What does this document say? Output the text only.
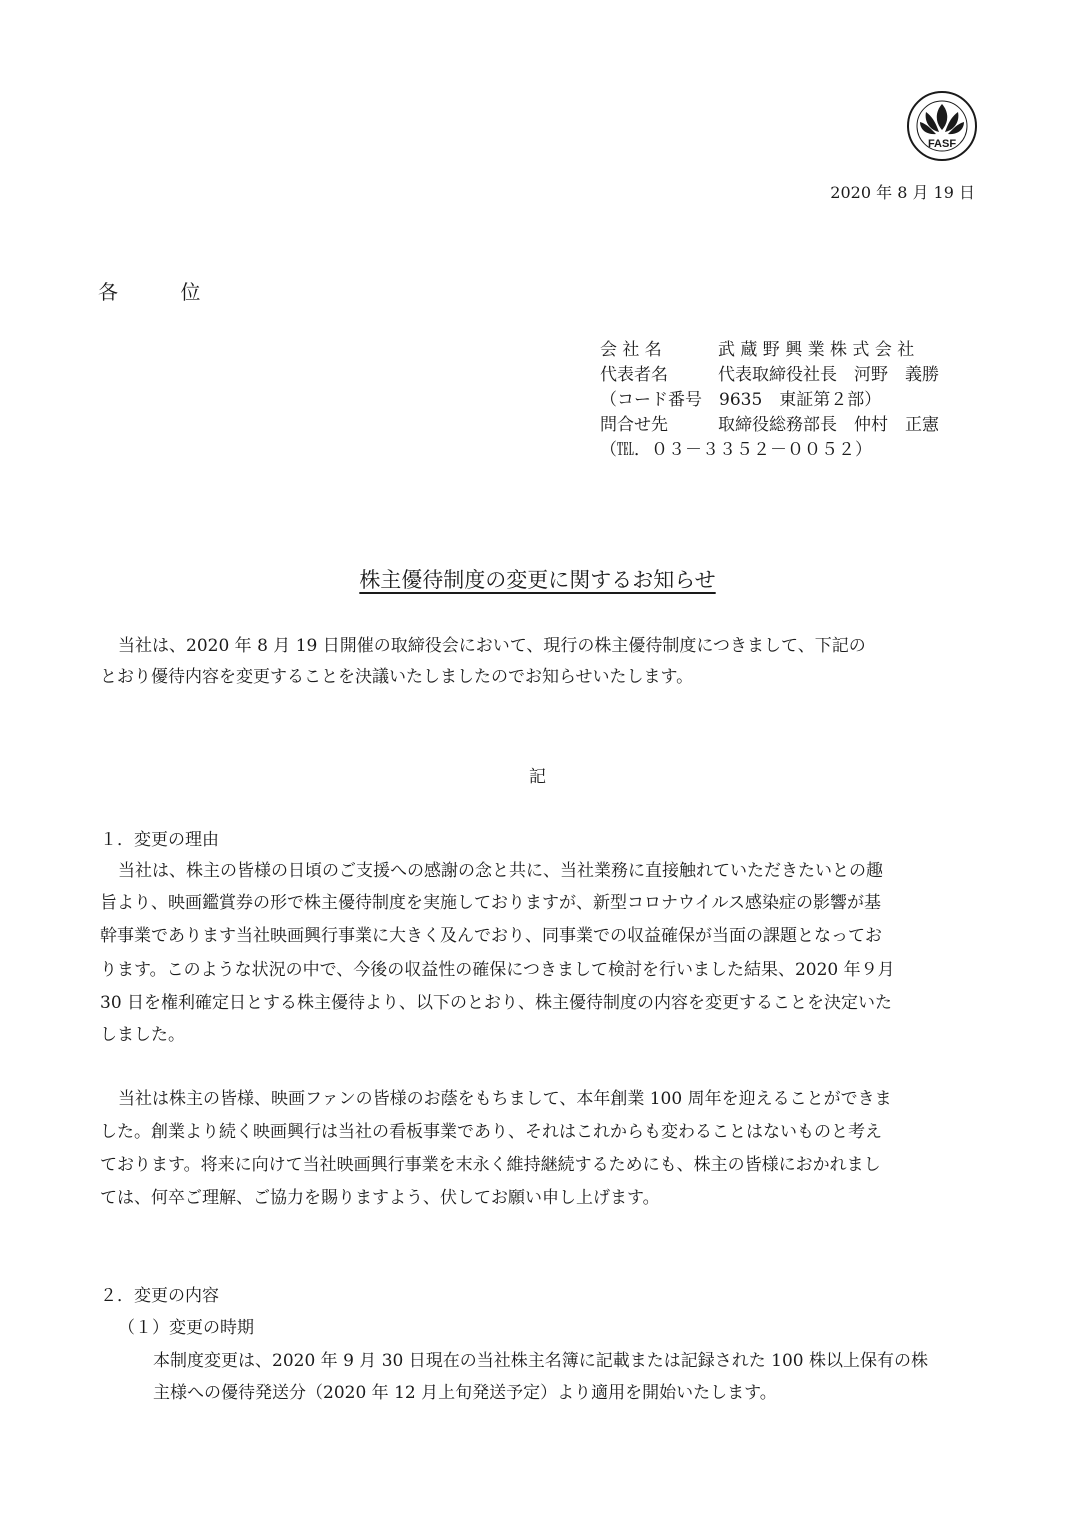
FASF
2020 年 8 月 19 日
各 位
会 社 名	武 蔵 野 興 業 株 式 会 社
代表者名	代表取締役社長　河野　義勝
（コード番号　9635　東証第２部）
問合せ先	取締役総務部長　仲村　正憲
（℡．０３－３３５２－００５２）
株主優待制度の変更に関するお知らせ
当社は、2020 年 8 月 19 日開催の取締役会において、現行の株主優待制度につきまして、下記の
とおり優待内容を変更することを決議いたしましたのでお知らせいたします。
記
１．変更の理由
当社は、株主の皆様の日頃のご支援への感謝の念と共に、当社業務に直接触れていただきたいとの趣
旨より、映画鑑賞券の形で株主優待制度を実施しておりますが、新型コロナウイルス感染症の影響が基
幹事業であります当社映画興行事業に大きく及んでおり、同事業での収益確保が当面の課題となってお
ります。このような状況の中で、今後の収益性の確保につきまして検討を行いました結果、2020 年９月
30 日を権利確定日とする株主優待より、以下のとおり、株主優待制度の内容を変更することを決定いた
しました。
当社は株主の皆様、映画ファンの皆様のお蔭をもちまして、本年創業 100 周年を迎えることができま
した。創業より続く映画興行は当社の看板事業であり、それはこれからも変わることはないものと考え
ております。将来に向けて当社映画興行事業を末永く維持継続するためにも、株主の皆様におかれまし
ては、何卒ご理解、ご協力を賜りますよう、伏してお願い申し上げます。
２．変更の内容
（１）変更の時期
本制度変更は、2020 年 9 月 30 日現在の当社株主名簿に記載または記録された 100 株以上保有の株
主様への優待発送分（2020 年 12 月上旬発送予定）より適用を開始いたします。
